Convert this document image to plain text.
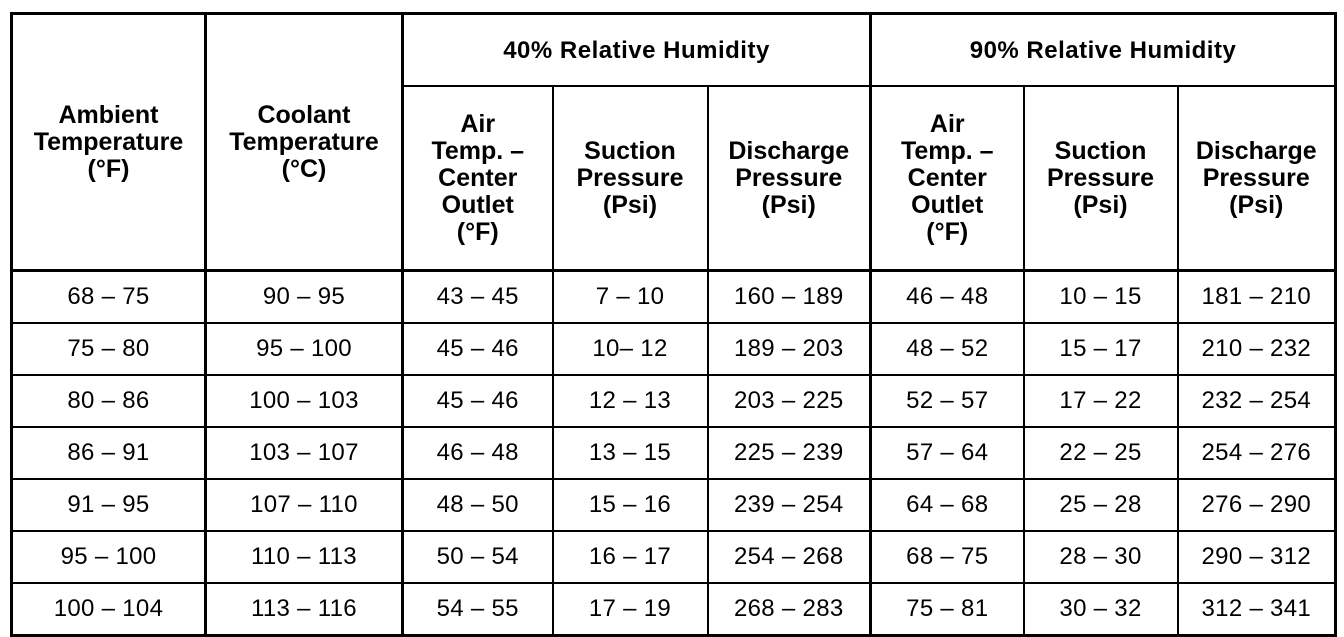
Ambient
Temperature
(°F)	Coolant
Temperature
(°C)	40% Relative Humidity			90% Relative Humidity		

		Air
Temp. –
Center
Outlet
(°F)	Suction
Pressure
(Psi)	Discharge
Pressure
(Psi)	Air
Temp. –
Center
Outlet
(°F)	Suction
Pressure
(Psi)	Discharge
Pressure
(Psi)

68 – 75	90 – 95	43 – 45	7 – 10	160 – 189	46 – 48	10 – 15	181 – 210
75 – 80	95 – 100	45 – 46	10– 12	189 – 203	48 – 52	15 – 17	210 – 232
80 – 86	100 – 103	45 – 46	12 – 13	203 – 225	52 – 57	17 – 22	232 – 254
86 – 91	103 – 107	46 – 48	13 – 15	225 – 239	57 – 64	22 – 25	254 – 276
91 – 95	107 – 110	48 – 50	15 – 16	239 – 254	64 – 68	25 – 28	276 – 290
95 – 100	110 – 113	50 – 54	16 – 17	254 – 268	68 – 75	28 – 30	290 – 312
100 – 104	113 – 116	54 – 55	17 – 19	268 – 283	75 – 81	30 – 32	312 – 341
